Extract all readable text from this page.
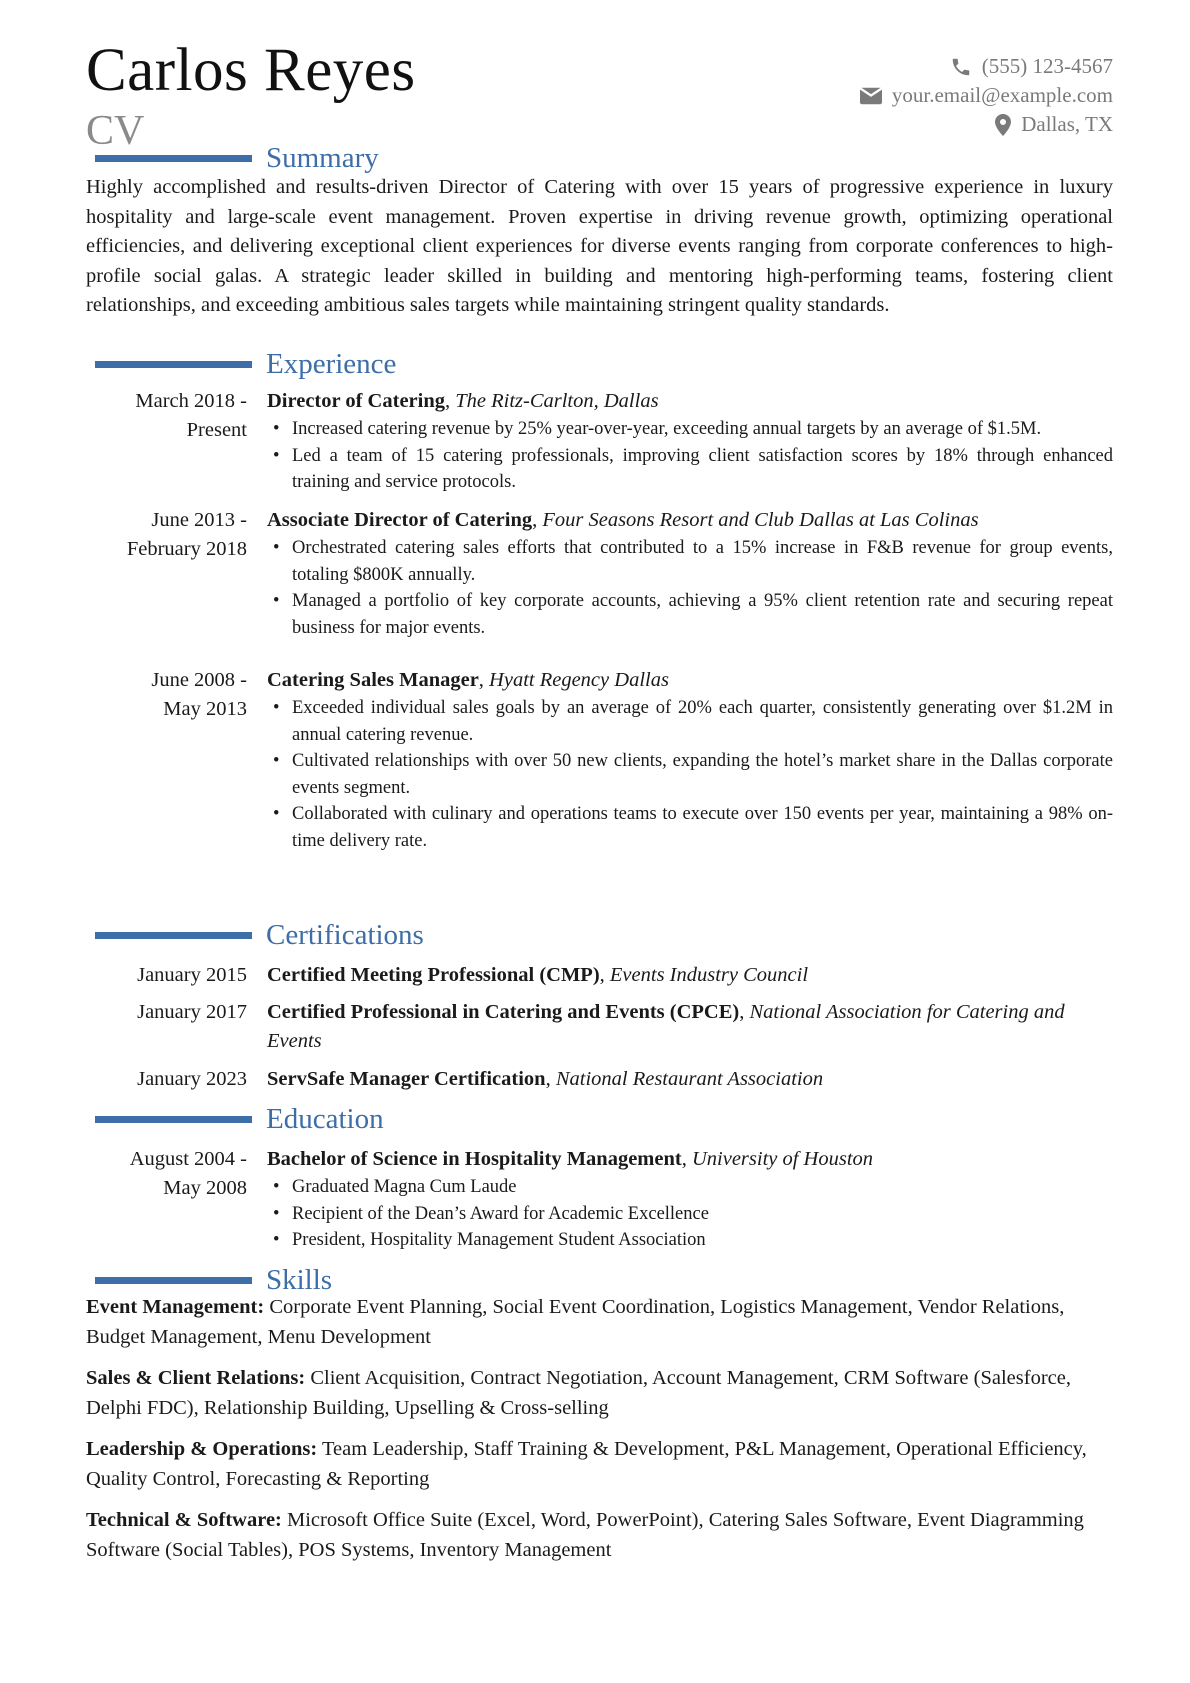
Carlos Reyes
CV
(555) 123-4567
your.email@example.com
Dallas, TX
Summary
Highly accomplished and results-driven Director of Catering with over 15 years of progressive experience in luxury hospitality and large-scale event management. Proven expertise in driving revenue growth, optimizing operational efficiencies, and delivering exceptional client experiences for diverse events ranging from corporate conferences to high-profile social galas. A strategic leader skilled in building and mentoring high-performing teams, fostering client relationships, and exceeding ambitious sales targets while maintaining stringent quality standards.
Experience
March 2018 -
Present
Director of Catering, The Ritz-Carlton, Dallas
• Increased catering revenue by 25% year-over-year, exceeding annual targets by an average of $1.5M.
• Led a team of 15 catering professionals, improving client satisfaction scores by 18% through enhanced training and service protocols.
June 2013 -
February 2018
Associate Director of Catering, Four Seasons Resort and Club Dallas at Las Colinas
• Orchestrated catering sales efforts that contributed to a 15% increase in F&B revenue for group events, totaling $800K annually.
• Managed a portfolio of key corporate accounts, achieving a 95% client retention rate and securing repeat business for major events.
June 2008 -
May 2013
Catering Sales Manager, Hyatt Regency Dallas
• Exceeded individual sales goals by an average of 20% each quarter, consistently generating over $1.2M in annual catering revenue.
• Cultivated relationships with over 50 new clients, expanding the hotel’s market share in the Dallas corporate events segment.
• Collaborated with culinary and operations teams to execute over 150 events per year, maintaining a 98% on-time delivery rate.
Certifications
January 2015 Certified Meeting Professional (CMP), Events Industry Council
January 2017 Certified Professional in Catering and Events (CPCE), National Association for Catering and Events
January 2023 ServSafe Manager Certification, National Restaurant Association
Education
August 2004 -
May 2008
Bachelor of Science in Hospitality Management, University of Houston
• Graduated Magna Cum Laude
• Recipient of the Dean’s Award for Academic Excellence
• President, Hospitality Management Student Association
Skills
Event Management: Corporate Event Planning, Social Event Coordination, Logistics Management, Vendor Relations, Budget Management, Menu Development
Sales & Client Relations: Client Acquisition, Contract Negotiation, Account Management, CRM Software (Salesforce, Delphi FDC), Relationship Building, Upselling & Cross-selling
Leadership & Operations: Team Leadership, Staff Training & Development, P&L Management, Operational Efficiency, Quality Control, Forecasting & Reporting
Technical & Software: Microsoft Office Suite (Excel, Word, PowerPoint), Catering Sales Software, Event Diagramming Software (Social Tables), POS Systems, Inventory Management
